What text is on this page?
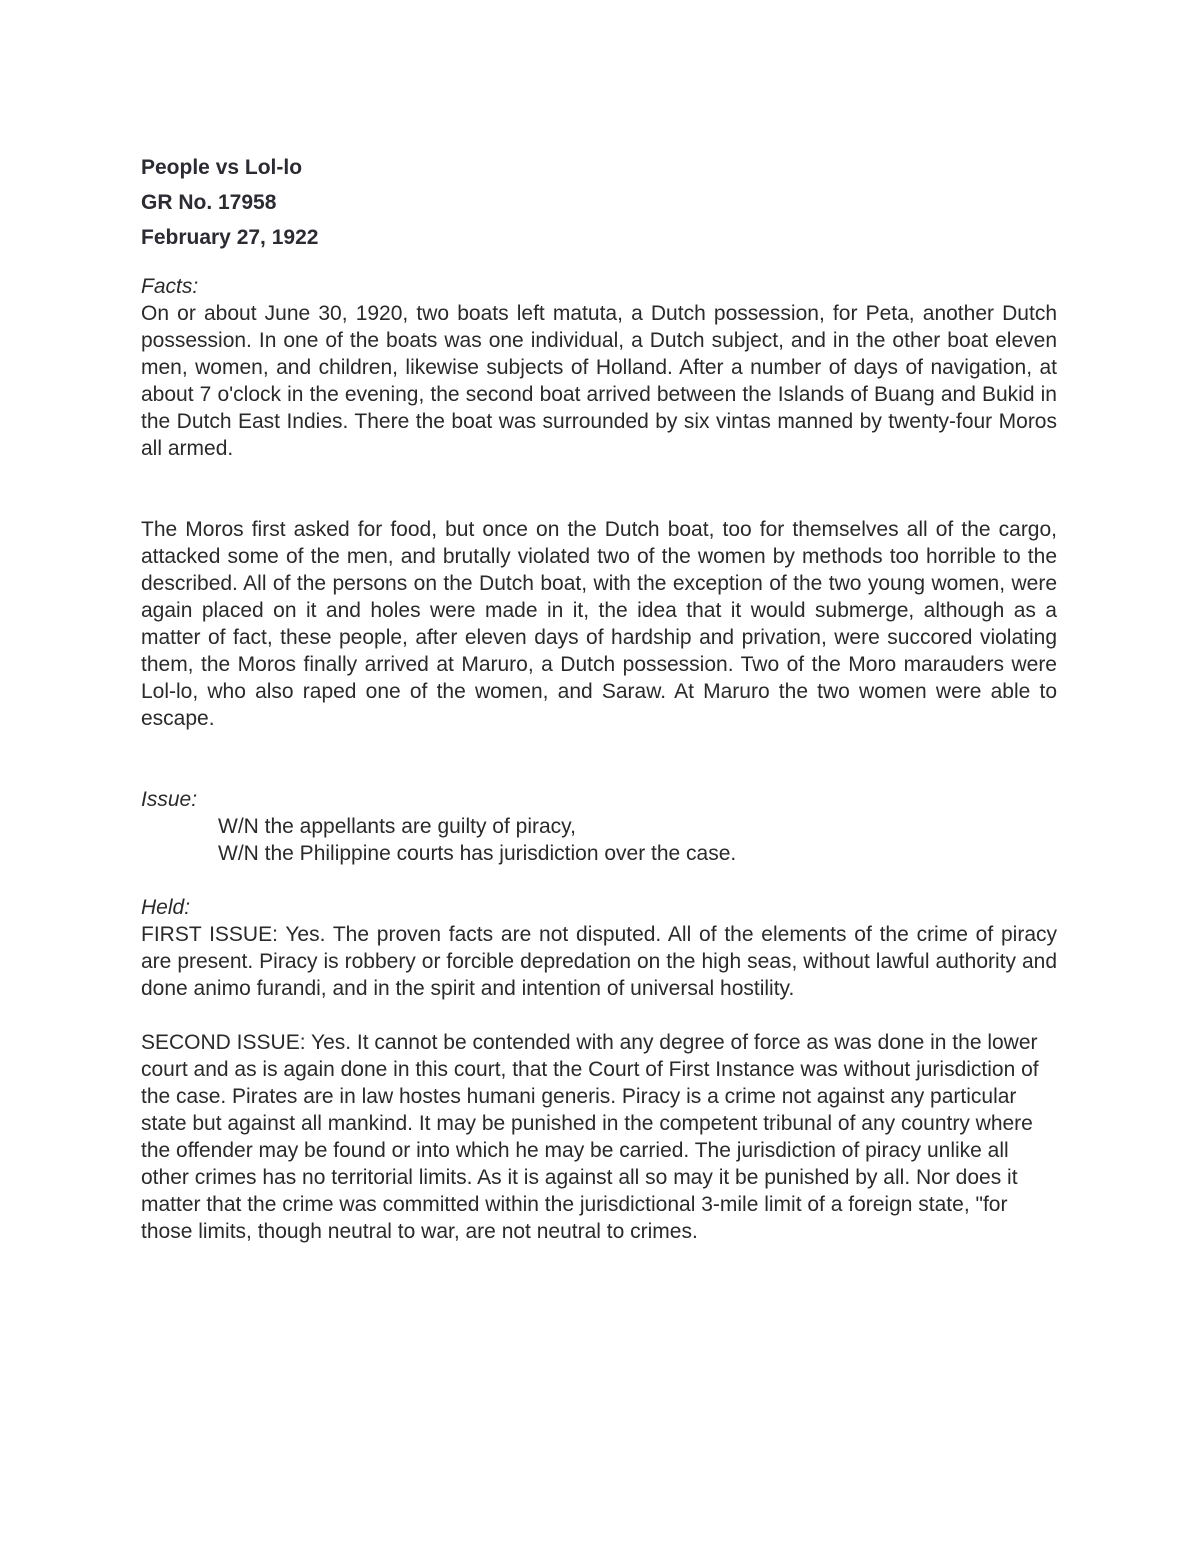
People vs Lol-lo

GR No. 17958

February 27, 1922

Facts:

On or about June 30, 1920, two boats left matuta, a Dutch possession, for Peta, another Dutch possession. In one of the boats was one individual, a Dutch subject, and in the other boat eleven men, women, and children, likewise subjects of Holland. After a number of days of navigation, at about 7 o'clock in the evening, the second boat arrived between the Islands of Buang and Bukid in the Dutch East Indies. There the boat was surrounded by six vintas manned by twenty-four Moros all armed.

The Moros first asked for food, but once on the Dutch boat, too for themselves all of the cargo, attacked some of the men, and brutally violated two of the women by methods too horrible to the described. All of the persons on the Dutch boat, with the exception of the two young women, were again placed on it and holes were made in it, the idea that it would submerge, although as a matter of fact, these people, after eleven days of hardship and privation, were succored violating them, the Moros finally arrived at Maruro, a Dutch possession. Two of the Moro marauders were Lol-lo, who also raped one of the women, and Saraw. At Maruro the two women were able to escape.

Issue:

W/N the appellants are guilty of piracy,

W/N the Philippine courts has jurisdiction over the case.

Held:

FIRST ISSUE: Yes. The proven facts are not disputed. All of the elements of the crime of piracy are present. Piracy is robbery or forcible depredation on the high seas, without lawful authority and done animo furandi, and in the spirit and intention of universal hostility.

SECOND ISSUE: Yes. It cannot be contended with any degree of force as was done in the lower court and as is again done in this court, that the Court of First Instance was without jurisdiction of the case. Pirates are in law hostes humani generis. Piracy is a crime not against any particular state but against all mankind. It may be punished in the competent tribunal of any country where the offender may be found or into which he may be carried. The jurisdiction of piracy unlike all other crimes has no territorial limits. As it is against all so may it be punished by all. Nor does it matter that the crime was committed within the jurisdictional 3-mile limit of a foreign state, "for those limits, though neutral to war, are not neutral to crimes.
